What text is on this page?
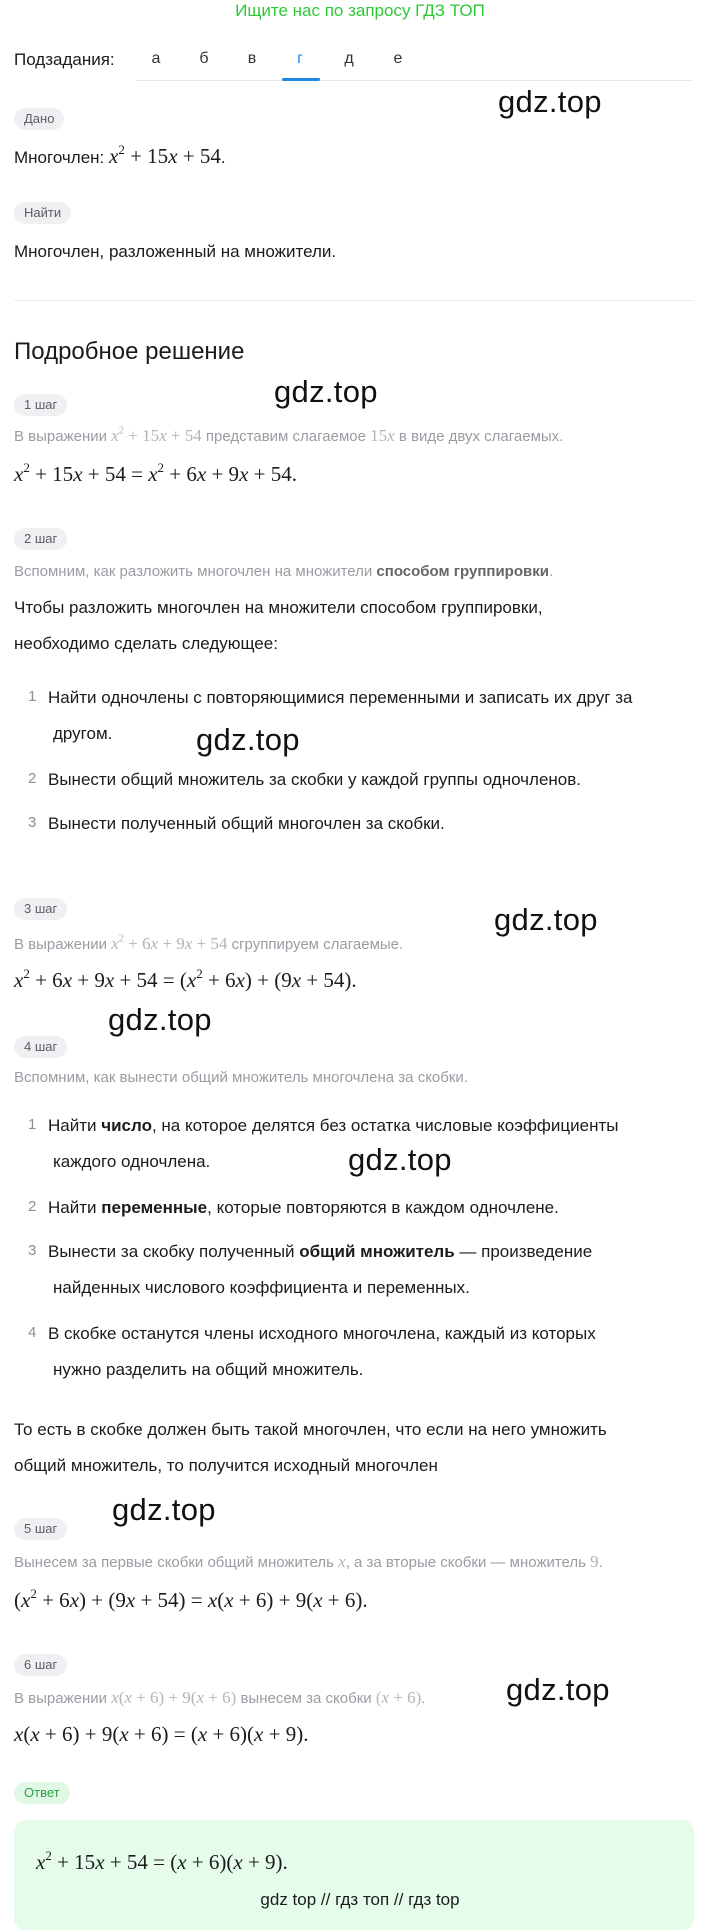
Ищите нас по запросу ГДЗ ТОП
Подзадания:	а	б	в	г	д	е
Дано
Многочлен: $x^2 + 15x + 54$.
Найти
Многочлен, разложенный на множители.
Подробное решение
1 шаг
В выражении $x^2 + 15x + 54$ представим слагаемое 15x в виде двух слагаемых.
$x^2 + 15x + 54 = x^2 + 6x + 9x + 54$.
2 шаг
Вспомним, как разложить многочлен на множители способом группировки.
Чтобы разложить многочлен на множители способом группировки,
необходимо сделать следующее:
1 Найти одночлены с повторяющимися переменными и записать их друг за
другом.
2 Вынести общий множитель за скобки у каждой группы одночленов.
3 Вынести полученный общий многочлен за скобки.
3 шаг
В выражении $x^2 + 6x + 9x + 54$ сгруппируем слагаемые.
$x^2 + 6x + 9x + 54 = (x^2 + 6x) + (9x + 54)$.
4 шаг
Вспомним, как вынести общий множитель многочлена за скобки.
1 Найти число, на которое делятся без остатка числовые коэффициенты
каждого одночлена.
2 Найти переменные, которые повторяются в каждом одночлене.
3 Вынести за скобку полученный общий множитель — произведение
найденных числового коэффициента и переменных.
4 В скобке останутся члены исходного многочлена, каждый из которых
нужно разделить на общий множитель.
То есть в скобке должен быть такой многочлен, что если на него умножить
общий множитель, то получится исходный многочлен
5 шаг
Вынесем за первые скобки общий множитель x, а за вторые скобки — множитель 9.
$(x^2 + 6x) + (9x + 54) = x(x + 6) + 9(x + 6)$.
6 шаг
В выражении x(x + 6) + 9(x + 6) вынесем за скобки (x + 6).
x(x + 6) + 9(x + 6) = (x + 6)(x + 9).
Ответ
$x^2 + 15x + 54 = (x + 6)(x + 9)$.
gdz.top
gdz.top
gdz.top
gdz.top
gdz.top
gdz.top
gdz.top
gdz.top
gdz top // гдз топ // гдз top
